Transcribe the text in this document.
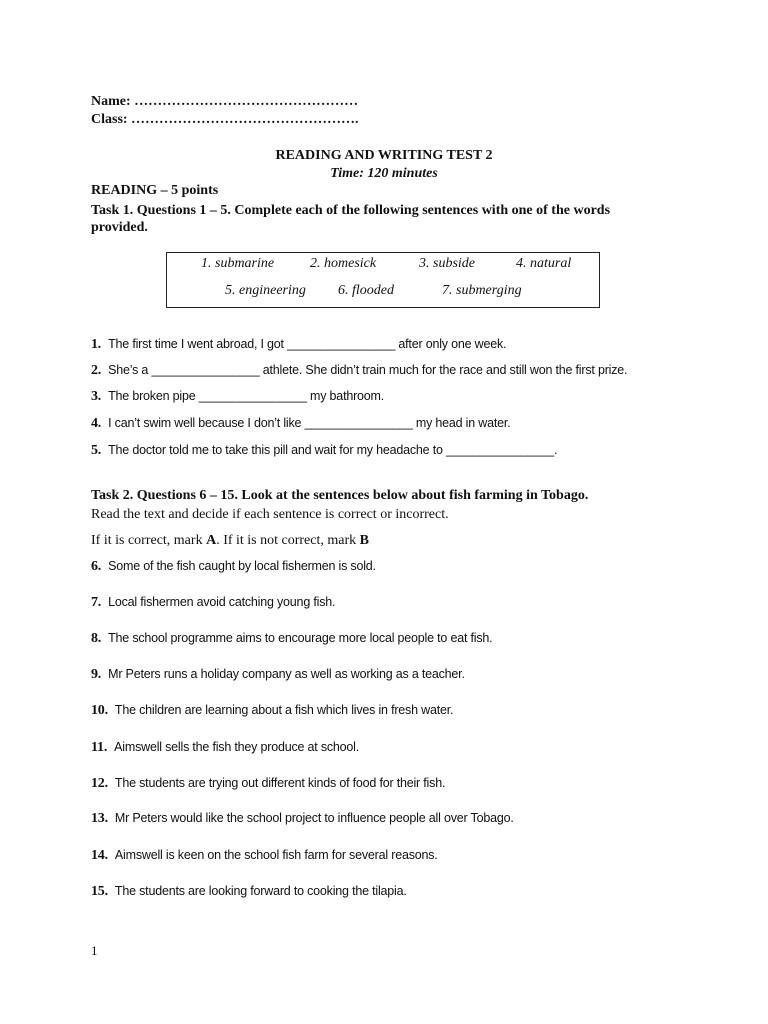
Name: …………………………………………
Class: ………………………………………….
READING AND WRITING TEST 2
Time: 120 minutes
READING – 5 points
Task 1. Questions 1 – 5. Complete each of the following sentences with one of the words provided.
1. submarine	2. homesick	3. subside	4. natural
5. engineering 6. flooded	7. submerging
1. The first time I went abroad, I got ________________ after only one week.
2. She’s a ________________ athlete. She didn’t train much for the race and still won the first prize.
3. The broken pipe ________________ my bathroom.
4. I can’t swim well because I don’t like ________________ my head in water.
5. The doctor told me to take this pill and wait for my headache to ________________.
Task 2. Questions 6 – 15. Look at the sentences below about fish farming in Tobago.
Read the text and decide if each sentence is correct or incorrect.
If it is correct, mark A. If it is not correct, mark B
6. Some of the fish caught by local fishermen is sold.
7. Local fishermen avoid catching young fish.
8. The school programme aims to encourage more local people to eat fish.
9. Mr Peters runs a holiday company as well as working as a teacher.
10. The children are learning about a fish which lives in fresh water.
11. Aimswell sells the fish they produce at school.
12. The students are trying out different kinds of food for their fish.
13. Mr Peters would like the school project to influence people all over Tobago.
14. Aimswell is keen on the school fish farm for several reasons.
15. The students are looking forward to cooking the tilapia.
1
